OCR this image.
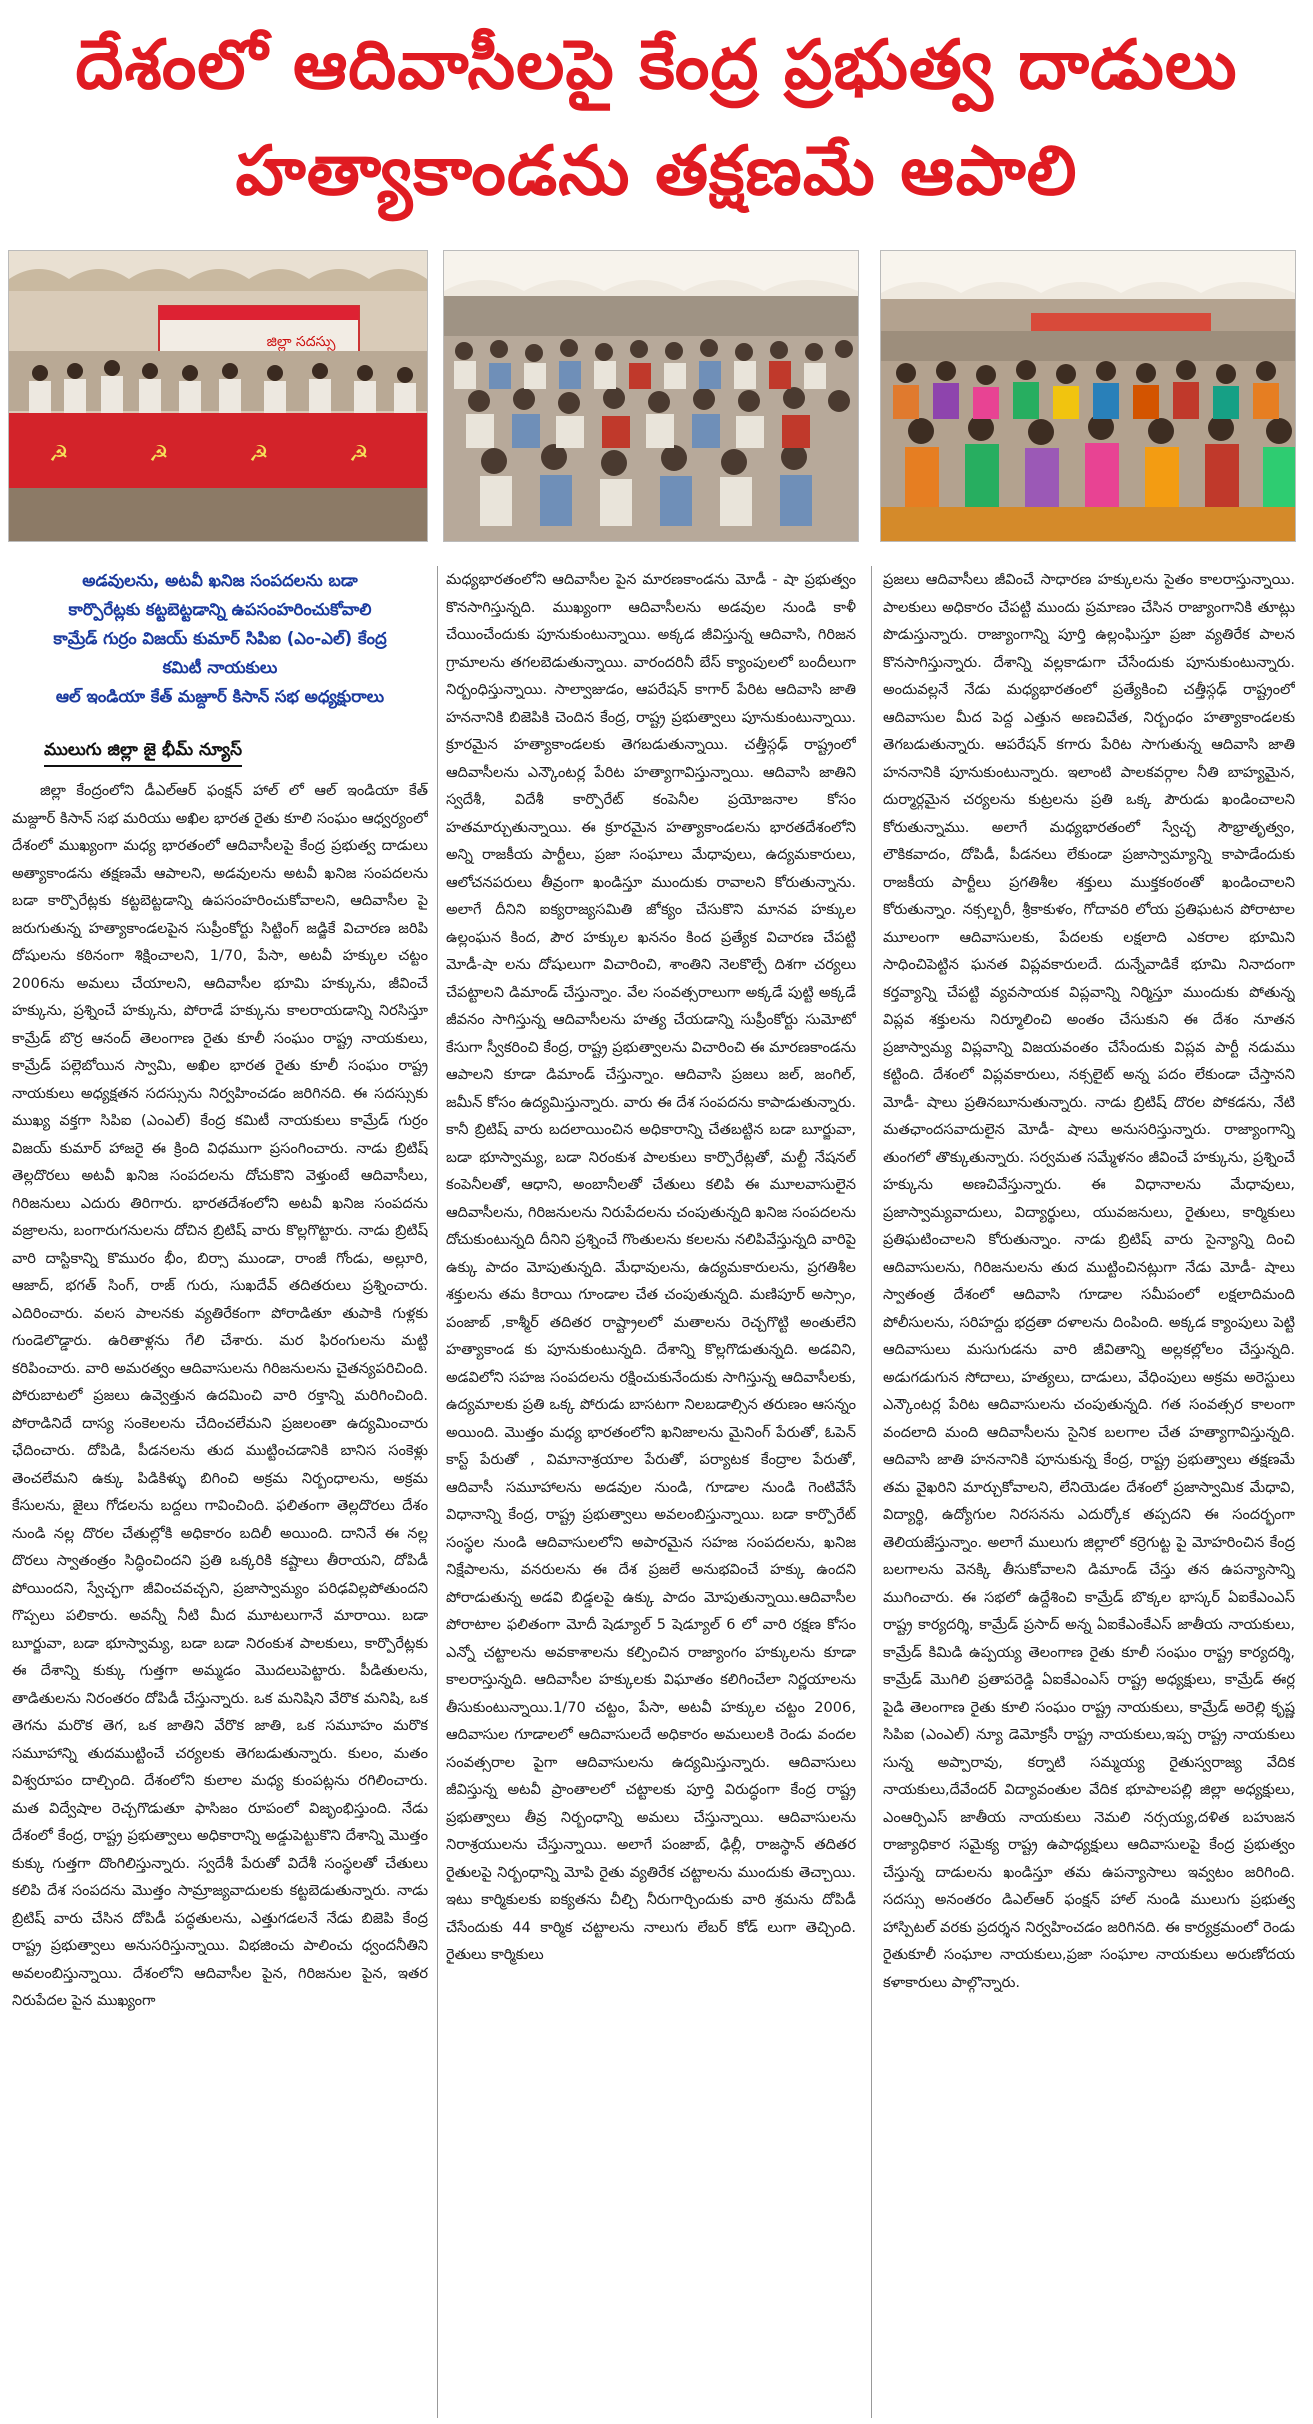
దేశంలో ఆదివాసీలపై కేంద్ర ప్రభుత్వ దాడులు
హత్యాకాండను తక్షణమే ఆపాలి
జిల్లా సదస్సు
☭	☭	☭	☭
అడవులను, అటవీ ఖనిజ సంపదలను బడా
కార్పొరేట్లకు కట్టబెట్టడాన్ని ఉపసంహరించుకోవాలి
కామ్రేడ్ గుర్రం విజయ్ కుమార్ సిపిఐ (ఎం-ఎల్) కేంద్ర
కమిటీ నాయకులు
ఆల్ ఇండియా కేత్ మజ్దూర్ కిసాన్ సభ అధ్యక్షురాలు
ములుగు జిల్లా జై భీమ్ న్యూస్
జిల్లా కేంద్రంలోని డీఎల్ఆర్ ఫంక్షన్ హాల్ లో ఆల్ ఇండియా కేత్ మజ్దూర్ కిసాన్ సభ మరియు అఖిల భారత రైతు కూలి సంఘం ఆధ్వర్యంలో దేశంలో ముఖ్యంగా మధ్య భారతంలో ఆదివాసీలపై కేంద్ర ప్రభుత్వ దాడులు అత్యాకాండను తక్షణమే ఆపాలని, అడవులను అటవీ ఖనిజ సంపదలను బడా కార్పొరేట్లకు కట్టబెట్టడాన్ని ఉపసంహరించుకోవాలని, ఆదివాసీల పై జరుగుతున్న హత్యాకాండలపైన సుప్రీంకోర్టు సిట్టింగ్ జడ్జికే విచారణ జరిపి దోషులను కఠినంగా శిక్షించాలని, 1/70, పేసా, అటవీ హక్కుల చట్టం 2006ను అమలు చేయాలని, ఆదివాసీల భూమి హక్కును, జీవించే హక్కును, ప్రశ్నించే హక్కును, పోరాడే హక్కును కాలరాయడాన్ని నిరసిస్తూ కామ్రేడ్ బొర్ర ఆనంద్ తెలంగాణ రైతు కూలీ సంఘం రాష్ట్ర నాయకులు, కామ్రేడ్ పల్లెబోయిన స్వామి, అఖిల భారత రైతు కూలీ సంఘం రాష్ట్ర నాయకులు అధ్యక్షతన సదస్సును నిర్వహించడం జరిగినది. ఈ సదస్సుకు ముఖ్య వక్తగా సిపిఐ (ఎంఎల్) కేంద్ర కమిటీ నాయకులు కామ్రేడ్ గుర్రం విజయ్ కుమార్ హాజరై ఈ క్రింది విధముగా ప్రసంగించారు. నాడు బ్రిటిష్ తెల్లదొరలు అటవీ ఖనిజ సంపదలను దోచుకొని వెళ్తుంటే ఆదివాసీలు, గిరిజనులు ఎదురు తిరిగారు. భారతదేశంలోని అటవీ ఖనిజ సంపదను వజ్రాలను, బంగారుగనులను దోచిన బ్రిటిష్ వారు కొల్లగొట్టారు. నాడు బ్రిటిష్ వారి దాస్టికాన్ని కొమురం భీం, బిర్సా ముండా, రాంజీ గోండు, అల్లూరి, ఆజాద్, భగత్ సింగ్, రాజ్ గురు, సుఖదేవ్ తదితరులు ప్రశ్నించారు. ఎదిరించారు. వలస పాలనకు వ్యతిరేకంగా పోరాడితూ తుపాకి గుళ్లకు గుండెలొడ్డారు. ఉరితాళ్లను గేలి చేశారు. మర ఫిరంగులను మట్టి కరిపించారు. వారి అమరత్వం ఆదివాసులను గిరిజనులను చైతన్యపరిచింది. పోరుబాటలో ప్రజలు ఉవ్వెత్తున ఉదమించి వారి రక్తాన్ని మరిగించింది. పోరాడినిదే దాస్య సంకెలలను చేదించలేమని ప్రజలంతా ఉద్యమించారు ఛేదించారు. దోపిడి, పీడనలను తుద ముట్టించడానికి బానిస సంకెళ్లు తెంచలేమని ఉక్కు పిడికిళ్ళు బిగించి అక్రమ నిర్బంధాలను, అక్రమ కేసులను, జైలు గోడలను బద్దలు గావించింది. ఫలితంగా తెల్లదొరలు దేశం నుండి నల్ల దొరల చేతుల్లోకి అధికారం బదిలీ అయింది. దానినే ఈ నల్ల దొరలు స్వాతంత్రం సిద్ధించిందని ప్రతి ఒక్కరికి కష్టాలు తీరాయని, దోపిడీ పోయిందని, స్వేచ్ఛగా జీవించవచ్చని, ప్రజాస్వామ్యం పరిఢవిల్లపోతుందని గొప్పలు పలికారు. అవన్నీ నీటి మీద మూటలుగానే మారాయి. బడా బూర్జువా, బడా భూస్వామ్య, బడా బడా నిరంకుశ పాలకులు, కార్పొరేట్లకు ఈ దేశాన్ని కుక్కు గుత్తగా అమ్మడం మొదలుపెట్టారు. పీడితులను, తాడితులను నిరంతరం దోపిడీ చేస్తున్నారు. ఒక మనిషిని వేరొక మనిషి, ఒక తెగను మరొక తెగ, ఒక జాతిని వేరొక జాతి, ఒక సమూహం మరొక సమూహాన్ని తుదముట్టించే చర్యలకు తెగబడుతున్నారు. కులం, మతం విశ్వరూపం దాల్చింది. దేశంలోని కులాల మధ్య కుంపట్లను రగిలించారు. మత విద్వేషాల రెచ్చగొడుతూ ఫాసిజం రూపంలో విజృంభిస్తుంది. నేడు దేశంలో కేంద్ర, రాష్ట్ర ప్రభుత్వాలు అధికారాన్ని అడ్డుపెట్టుకొని దేశాన్ని మొత్తం కుక్కు గుత్తగా దొంగిలిస్తున్నారు. స్వదేశీ పేరుతో విదేశీ సంస్థలతో చేతులు కలిపి దేశ సంపదను మొత్తం సామ్రాజ్యవాదులకు కట్టబెడుతున్నారు. నాడు బ్రిటిష్ వారు చేసిన దోపిడీ పద్ధతులను, ఎత్తుగడలనే నేడు బిజెపి కేంద్ర రాష్ట్ర ప్రభుత్వాలు అనుసరిస్తున్నాయి. విభజించు పాలించు ధ్వందనీతిని అవలంబిస్తున్నాయి. దేశంలోని ఆదివాసీల పైన, గిరిజనుల పైన, ఇతర నిరుపేదల పైన ముఖ్యంగా
మధ్యభారతంలోని ఆదివాసీల పైన మారణకాండను మోడీ - షా ప్రభుత్వం కొనసాగిస్తున్నది. ముఖ్యంగా ఆదివాసీలను అడవుల నుండి కాళీ చేయించేందుకు పూనుకుంటున్నాయి. అక్కడ జీవిస్తున్న ఆదివాసి, గిరిజన గ్రామాలను తగలబెడుతున్నాయి. వారందరినీ బేస్ క్యాంపులలో బందీలుగా నిర్బంధిస్తున్నాయి. సాల్వాజుడం, ఆపరేషన్ కాగార్ పేరిట ఆదివాసి జాతి హననానికి బిజెపికి చెందిన కేంద్ర, రాష్ట్ర ప్రభుత్వాలు పూనుకుంటున్నాయి. క్రూరమైన హత్యాకాండలకు తెగబడుతున్నాయి. చత్తీస్గఢ్ రాష్ట్రంలో ఆదివాసీలను ఎన్కౌంటర్ల పేరిట హత్యాగావిస్తున్నాయి. ఆదివాసి జాతిని స్వదేశీ, విదేశీ కార్పొరేట్ కంపెనీల ప్రయోజనాల కోసం హతమార్చుతున్నాయి. ఈ క్రూరమైన హత్యాకాండలను భారతదేశంలోని అన్ని రాజకీయ పార్టీలు, ప్రజా సంఘాలు మేధావులు, ఉద్యమకారులు, ఆలోచనపరులు తీవ్రంగా ఖండిస్తూ ముందుకు రావాలని కోరుతున్నాను. అలాగే దీనిని ఐక్యరాజ్యసమితి జోక్యం చేసుకొని మానవ హక్కుల ఉల్లంఘన కింద, పౌర హక్కుల ఖననం కింద ప్రత్యేక విచారణ చేపట్టి మోడీ-షా లను దోషులుగా విచారించి, శాంతిని నెలకొల్పే దిశగా చర్యలు చేపట్టాలని డిమాండ్ చేస్తున్నాం. వేల సంవత్సరాలుగా అక్కడే పుట్టి అక్కడే జీవనం సాగిస్తున్న ఆదివాసీలను హత్య చేయడాన్ని సుప్రీంకోర్టు సుమోటో కేసుగా స్వీకరించి కేంద్ర, రాష్ట్ర ప్రభుత్వాలను విచారించి ఈ మారణకాండను ఆపాలని కూడా డిమాండ్ చేస్తున్నాం. ఆదివాసి ప్రజలు జల్, జంగిల్, జమీన్ కోసం ఉద్యమిస్తున్నారు. వారు ఈ దేశ సంపదను కాపాడుతున్నారు. కానీ బ్రిటిష్ వారు బదలాయించిన అధికారాన్ని చేతబట్టిన బడా బూర్జువా, బడా భూస్వామ్య, బడా నిరంకుశ పాలకులు కార్పొరేట్లతో, మల్టీ నేషనల్ కంపెనీలతో, ఆధాని, అంబానీలతో చేతులు కలిపి ఈ మూలవాసులైన ఆదివాసీలను, గిరిజనులను నిరుపేదలను చంపుతున్నది ఖనిజ సంపదలను దోచుకుంటున్నది దీనిని ప్రశ్నించే గొంతులను కలలను నలిపివేస్తున్నది వారిపై ఉక్కు పాదం మోపుతున్నది. మేధావులను, ఉద్యమకారులను, ప్రగతిశీల శక్తులను తమ కిరాయి గూండాల చేత చంపుతున్నది. మణిపూర్ అస్సాం, పంజాబ్ ,కాశ్మీర్ తదితర రాష్ట్రాలలో మతాలను రెచ్చగొట్టి అంతులేని హత్యాకాండ కు పూనుకుంటున్నది. దేశాన్ని కొల్లగొడుతున్నది. అడవిని, అడవిలోని సహజ సంపదలను రక్షించుకునేందుకు సాగిస్తున్న ఆదివాసీలకు, ఉద్యమాలకు ప్రతి ఒక్క పోరుడు బాసటగా నిలబడాల్సిన తరుణం ఆసన్నం అయింది. మొత్తం మధ్య భారతంలోని ఖనిజాలను మైనింగ్ పేరుతో, ఓపెన్ కాస్ట్ పేరుతో , విమానాశ్రయాల పేరుతో, పర్యాటక కేంద్రాల పేరుతో, ఆదివాసీ సమూహాలను అడవుల నుండి, గూడాల నుండి గెంటివేసే విధానాన్ని కేంద్ర, రాష్ట్ర ప్రభుత్వాలు అవలంబిస్తున్నాయి. బడా కార్పొరేట్ సంస్థల నుండి ఆదివాసులలోని అపారమైన సహజ సంపదలను, ఖనిజ నిక్షేపాలను, వనరులను ఈ దేశ ప్రజలే అనుభవించే హక్కు ఉందని పోరాడుతున్న అడవి బిడ్డలపై ఉక్కు పాదం మోపుతున్నాయి.ఆదివాసీల పోరాటాల ఫలితంగా మోదీ షెడ్యూల్ 5 షెడ్యూల్ 6 లో వారి రక్షణ కోసం ఎన్నో చట్టాలను అవకాశాలను కల్పించిన రాజ్యాంగం హక్కులను కూడా కాలరాస్తున్నది. ఆదివాసీల హక్కులకు విఘాతం కలిగించేలా నిర్ణయాలను తీసుకుంటున్నాయి.1/70 చట్టం, పేసా, అటవీ హక్కుల చట్టం 2006, ఆదివాసుల గూడాలలో ఆదివాసులదే అధికారం అమలులకి రెండు వందల సంవత్సరాల పైగా ఆదివాసులను ఉద్యమిస్తున్నారు. ఆదివాసులు జీవిస్తున్న అటవీ ప్రాంతాలలో చట్టాలకు పూర్తి విరుద్ధంగా కేంద్ర రాష్ట్ర ప్రభుత్వాలు తీవ్ర నిర్బంధాన్ని అమలు చేస్తున్నాయి. ఆదివాసులను నిరాశ్రయులను చేస్తున్నాయి. అలాగే పంజాబ్, ఢిల్లీ, రాజస్థాన్ తదితర రైతులపై నిర్బంధాన్ని మోపి రైతు వ్యతిరేక చట్టాలను ముందుకు తెచ్చాయి. ఇటు కార్మికులకు ఐక్యతను చీల్చి నీరుగార్చిందుకు వారి శ్రమను దోపిడీ చేసేందుకు 44 కార్మిక చట్టాలను నాలుగు లేబర్ కోడ్ లుగా తెచ్చింది. రైతులు కార్మికులు
ప్రజలు ఆదివాసీలు జీవించే సాధారణ హక్కులను సైతం కాలరాస్తున్నాయి. పాలకులు అధికారం చేపట్టి ముందు ప్రమాణం చేసిన రాజ్యాంగానికి తూట్లు పొడుస్తున్నారు. రాజ్యాంగాన్ని పూర్తి ఉల్లంఘిస్తూ ప్రజా వ్యతిరేక పాలన కొనసాగిస్తున్నారు. దేశాన్ని వల్లకాడుగా చేసేందుకు పూనుకుంటున్నారు. అందువల్లనే నేడు మధ్యభారతంలో ప్రత్యేకించి చత్తీస్గఢ్ రాష్ట్రంలో ఆదివాసుల మీద పెద్ద ఎత్తున అణచివేత, నిర్బంధం హత్యాకాండలకు తెగబడుతున్నారు. ఆపరేషన్ కగారు పేరిట సాగుతున్న ఆదివాసి జాతి హననానికి పూనుకుంటున్నారు. ఇలాంటి పాలకవర్గాల నీతి బాహ్యమైన, దుర్మార్గమైన చర్యలను కుట్రలను ప్రతి ఒక్క పౌరుడు ఖండించాలని కోరుతున్నాము. అలాగే మధ్యభారతంలో స్వేచ్ఛ సౌభ్రాతృత్వం, లౌకికవాదం, దోపిడీ, పీడనలు లేకుండా ప్రజాస్వామ్యాన్ని కాపాడేందుకు రాజకీయ పార్టీలు ప్రగతిశీల శక్తులు ముక్తకంఠంతో ఖండించాలని కోరుతున్నాం. నక్సల్బరీ, శ్రీకాకుళం, గోదావరి లోయ ప్రతిఘటన పోరాటాల మూలంగా ఆదివాసులకు, పేదలకు లక్షలాది ఎకరాల భూమిని సాధించిపెట్టిన ఘనత విప్లవకారులదే. దున్నేవాడికే భూమి నినాదంగా కర్తవ్యాన్ని చేపట్టి వ్యవసాయక విప్లవాన్ని నిర్మిస్తూ ముందుకు పోతున్న విప్లవ శక్తులను నిర్మూలించి అంతం చేసుకుని ఈ దేశం నూతన ప్రజాస్వామ్య విప్లవాన్ని విజయవంతం చేసేందుకు విప్లవ పార్టీ నడుము కట్టింది. దేశంలో విప్లవకారులు, నక్సలైట్ అన్న పదం లేకుండా చేస్తానని మోడీ- షాలు ప్రతినబూనుతున్నారు. నాడు బ్రిటిష్ దొరల పోకడను, నేటి మతఛాందసవాదులైన మోడీ- షాలు అనుసరిస్తున్నారు. రాజ్యాంగాన్ని తుంగలో తొక్కుతున్నారు. సర్వమత సమ్మేళనం జీవించే హక్కును, ప్రశ్నించే హక్కును అణచివేస్తున్నారు. ఈ విధానాలను మేధావులు, ప్రజాస్వామ్యవాదులు, విద్యార్థులు, యువజనులు, రైతులు, కార్మికులు ప్రతిఘటించాలని కోరుతున్నాం. నాడు బ్రిటిష్ వారు సైన్యాన్ని దించి ఆదివాసులను, గిరిజనులను తుద ముట్టించినట్లుగా నేడు మోడీ- షాలు స్వాతంత్ర దేశంలో ఆదివాసి గూడాల సమీపంలో లక్షలాదిమంది పోలీసులను, సరిహద్దు భద్రతా దళాలను దింపింది. అక్కడ క్యాంపులు పెట్టి ఆదివాసులు మసుగుడను వారి జీవితాన్ని అల్లకల్లోలం చేస్తున్నది. అడుగడుగున సోదాలు, హత్యలు, దాడులు, వేధింపులు అక్రమ అరెస్టులు ఎన్కౌంటర్ల పేరిట ఆదివాసులను చంపుతున్నది. గత సంవత్సర కాలంగా వందలాది మంది ఆదివాసీలను సైనిక బలగాల చేత హత్యాగావిస్తున్నది. ఆదివాసి జాతి హననానికి పూనుకున్న కేంద్ర, రాష్ట్ర ప్రభుత్వాలు తక్షణమే తమ వైఖరిని మార్చుకోవాలని, లేనియెడల దేశంలో ప్రజాస్వామిక మేధావి, విద్యార్థి, ఉద్యోగుల నిరసనను ఎదుర్కోక తప్పదని ఈ సందర్భంగా తెలియజేస్తున్నాం. అలాగే ములుగు జిల్లాలో కర్రెగుట్ట పై మోహరించిన కేంద్ర బలగాలను వెనక్కి తీసుకోవాలని డిమాండ్ చేస్తు తన ఉపన్యాసాన్ని ముగించారు. ఈ సభలో ఉద్దేశించి కామ్రేడ్ బొక్కల భాస్కర్ ఏఐకేఎంఎస్ రాష్ట్ర కార్యదర్శి, కామ్రేడ్ ప్రసాద్ అన్న ఏఐకేఎంకేఎస్ జాతీయ నాయకులు, కామ్రేడ్ కిమిడి ఉప్పయ్య తెలంగాణ రైతు కూలీ సంఘం రాష్ట్ర కార్యదర్శి, కామ్రేడ్ మొగిలి ప్రతాపరెడ్డి ఏఐకేఎంఎస్ రాష్ట్ర అధ్యక్షులు, కామ్రేడ్ ఈర్ల పైడి తెలంగాణ రైతు కూలి సంఘం రాష్ట్ర నాయకులు, కామ్రేడ్ అరెల్లి కృష్ణ సిపిఐ (ఎంఎల్) న్యూ డెమోక్రసీ రాష్ట్ర నాయకులు,ఇప్ప రాష్ట్ర నాయకులు సున్న అప్పారావు, కర్నాటి సమ్మయ్య రైతుస్వరాజ్య వేదిక నాయకులు,దేవేందర్ విద్యావంతుల వేదిక భూపాలపల్లి జిల్లా అధ్యక్షులు, ఎంఆర్పిఎస్ జాతీయ నాయకులు నెమలి నర్సయ్య,దళిత బహుజన రాజ్యాధికార సమైక్య రాష్ట్ర ఉపాధ్యక్షులు ఆదివాసులపై కేంద్ర ప్రభుత్వం చేస్తున్న దాడులను ఖండిస్తూ తమ ఉపన్యాసాలు ఇవ్వటం జరిగింది. సదస్సు అనంతరం డిఎల్ఆర్ ఫంక్షన్ హాల్ నుండి ములుగు ప్రభుత్వ హాస్పిటల్ వరకు ప్రదర్శన నిర్వహించడం జరిగినది. ఈ కార్యక్రమంలో రెండు రైతుకూలీ సంఘాల నాయకులు,ప్రజా సంఘాల నాయకులు అరుణోదయ కళాకారులు పాల్గొన్నారు.
